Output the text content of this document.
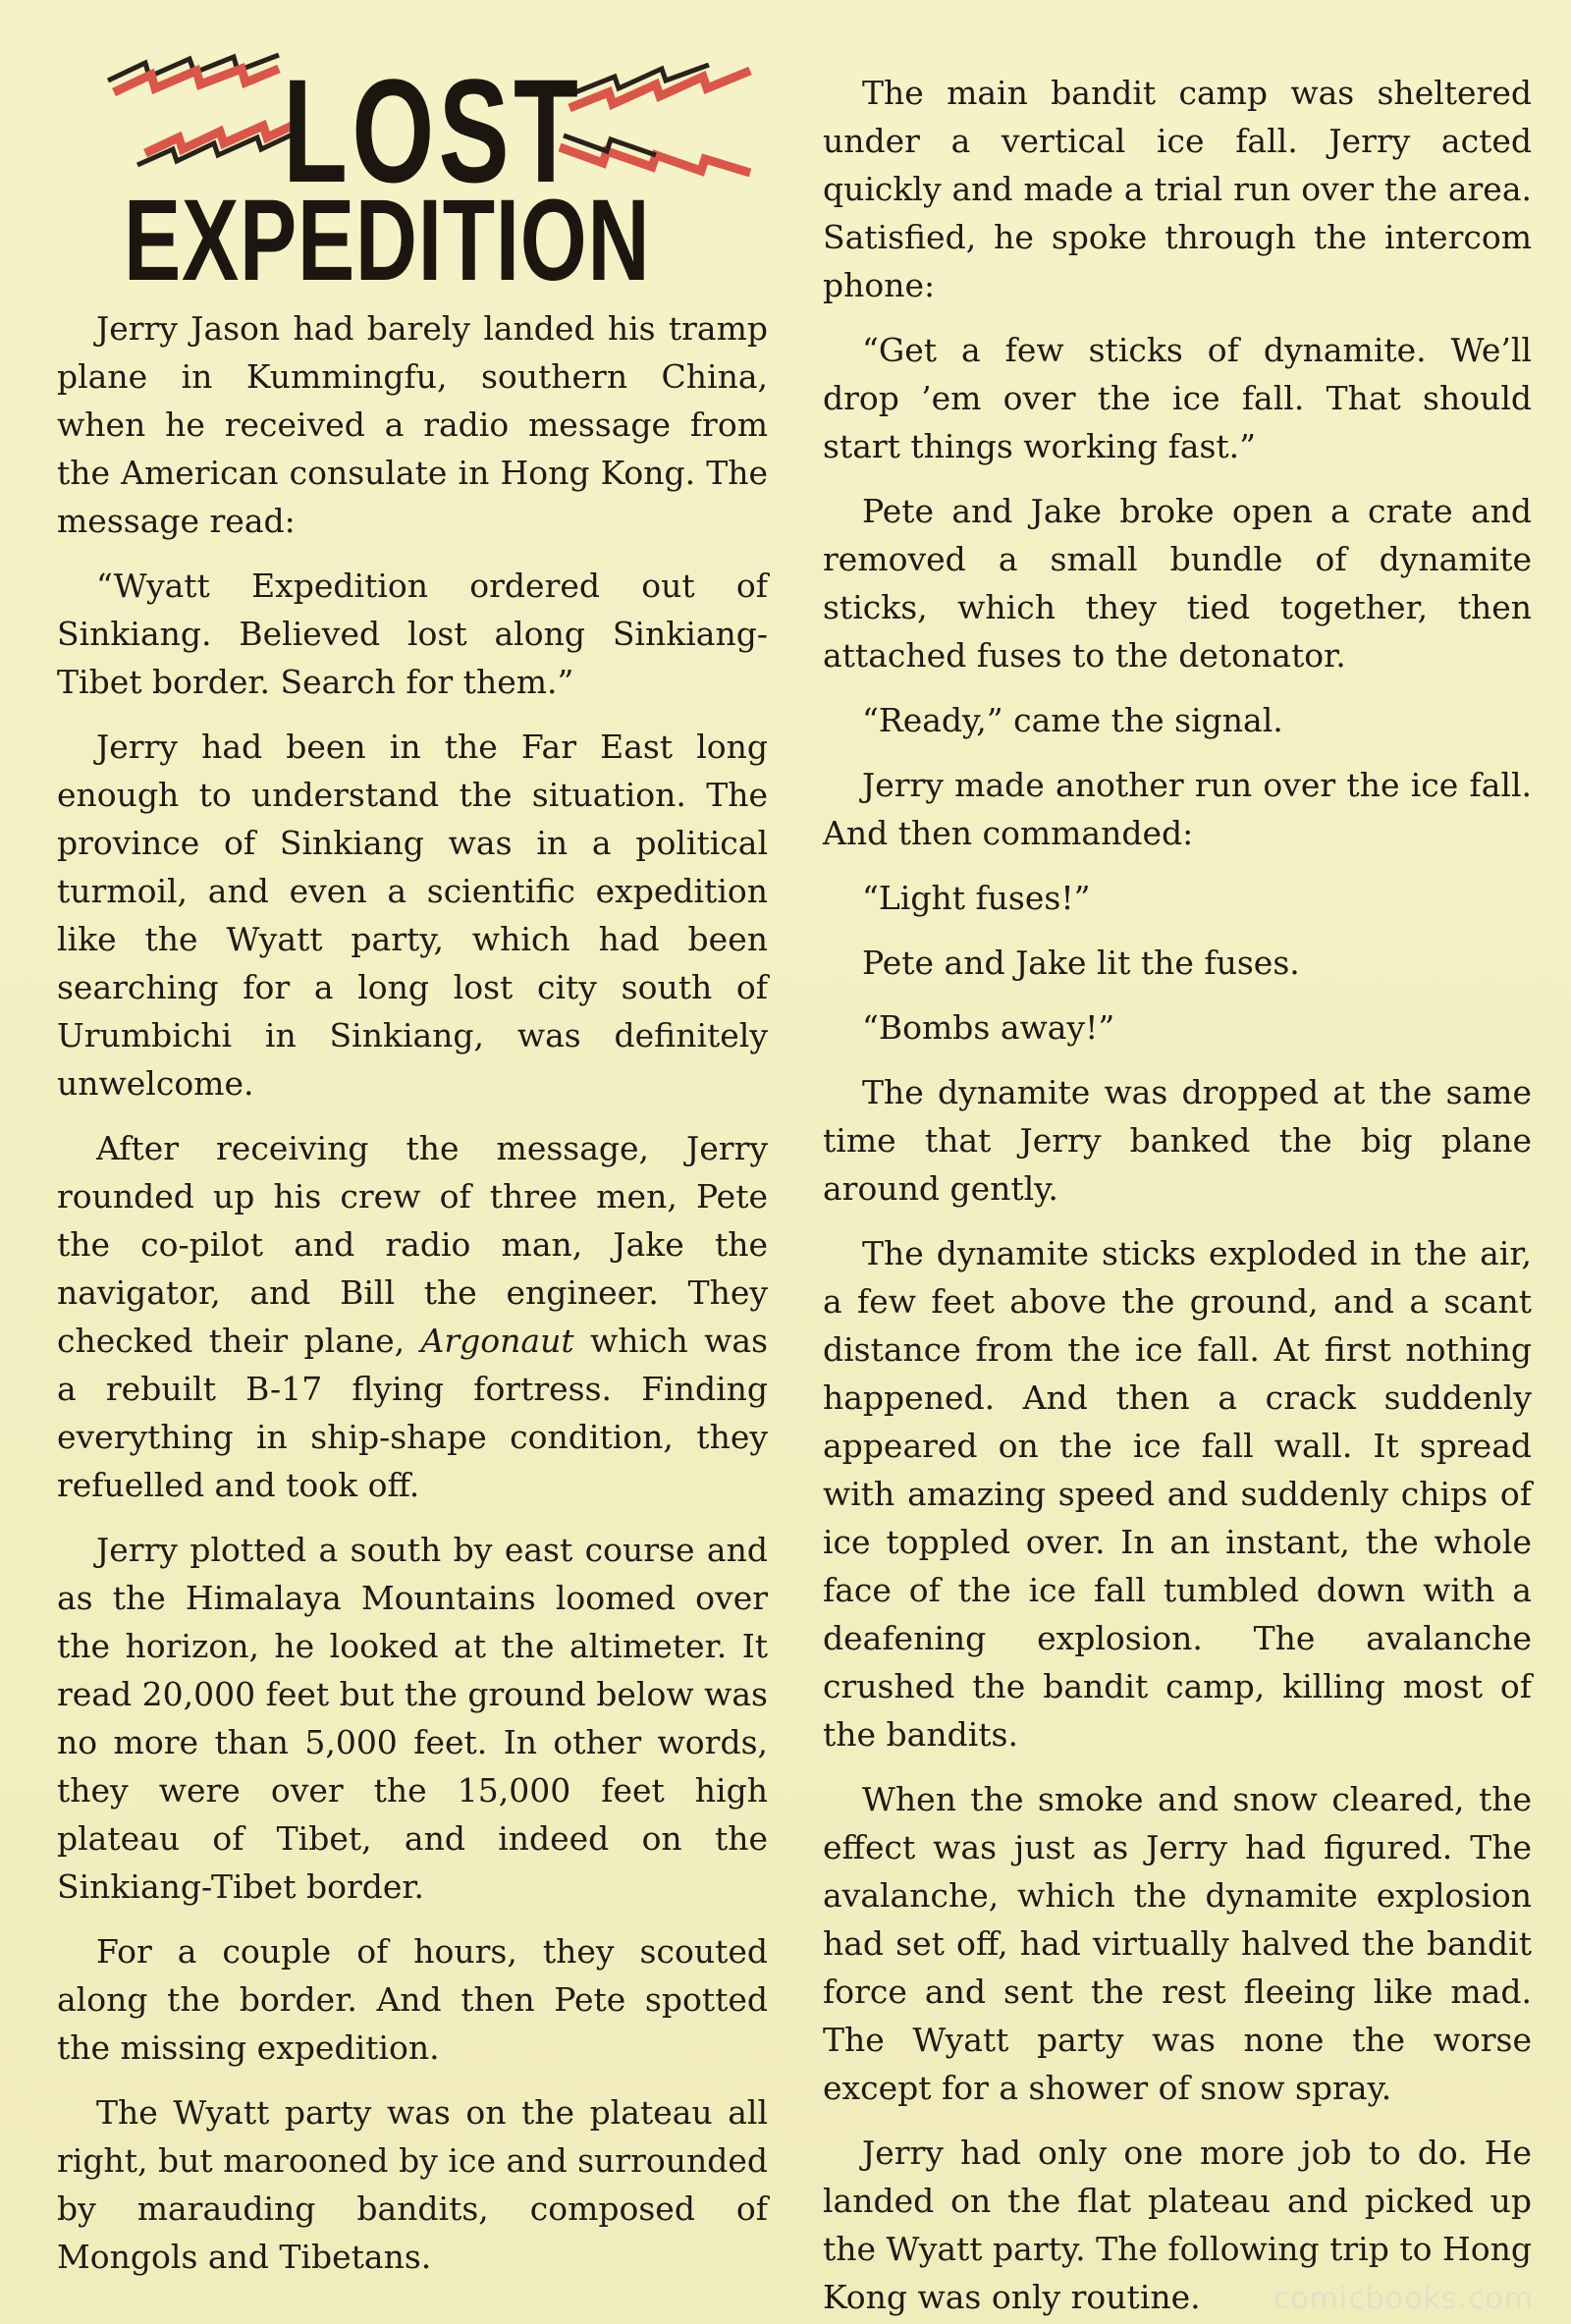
LOST
EXPEDITION

Jerry Jason had barely landed his tramp plane in Kummingfu, southern China, when he received a radio message from the American consulate in Hong Kong. The message read:

“Wyatt Expedition ordered out of Sinkiang. Believed lost along Sinkiang-Tibet border. Search for them.”

Jerry had been in the Far East long enough to understand the situation. The province of Sinkiang was in a political turmoil, and even a scientific expedition like the Wyatt party, which had been searching for a long lost city south of Urumbichi in Sinkiang, was definitely unwelcome.

After receiving the message, Jerry rounded up his crew of three men, Pete the co-pilot and radio man, Jake the navigator, and Bill the engineer. They checked their plane, Argonaut which was a rebuilt B-17 flying fortress. Finding everything in ship-shape condition, they refuelled and took off.

Jerry plotted a south by east course and as the Himalaya Mountains loomed over the horizon, he looked at the altimeter. It read 20,000 feet but the ground below was no more than 5,000 feet. In other words, they were over the 15,000 feet high plateau of Tibet, and indeed on the Sinkiang-Tibet border.

For a couple of hours, they scouted along the border. And then Pete spotted the missing expedition.

The Wyatt party was on the plateau all right, but marooned by ice and surrounded by marauding bandits, composed of Mongols and Tibetans.

The main bandit camp was sheltered under a vertical ice fall. Jerry acted quickly and made a trial run over the area. Satisfied, he spoke through the intercom phone:

“Get a few sticks of dynamite. We’ll drop ’em over the ice fall. That should start things working fast.”

Pete and Jake broke open a crate and removed a small bundle of dynamite sticks, which they tied together, then attached fuses to the detonator.

“Ready,” came the signal.

Jerry made another run over the ice fall. And then commanded:

“Light fuses!”

Pete and Jake lit the fuses.

“Bombs away!”

The dynamite was dropped at the same time that Jerry banked the big plane around gently.

The dynamite sticks exploded in the air, a few feet above the ground, and a scant distance from the ice fall. At first nothing happened. And then a crack suddenly appeared on the ice fall wall. It spread with amazing speed and suddenly chips of ice toppled over. In an instant, the whole face of the ice fall tumbled down with a deafening explosion. The avalanche crushed the bandit camp, killing most of the bandits.

When the smoke and snow cleared, the effect was just as Jerry had figured. The avalanche, which the dynamite explosion had set off, had virtually halved the bandit force and sent the rest fleeing like mad. The Wyatt party was none the worse except for a shower of snow spray.

Jerry had only one more job to do. He landed on the flat plateau and picked up the Wyatt party. The following trip to Hong Kong was only routine.	comicbooks.com
